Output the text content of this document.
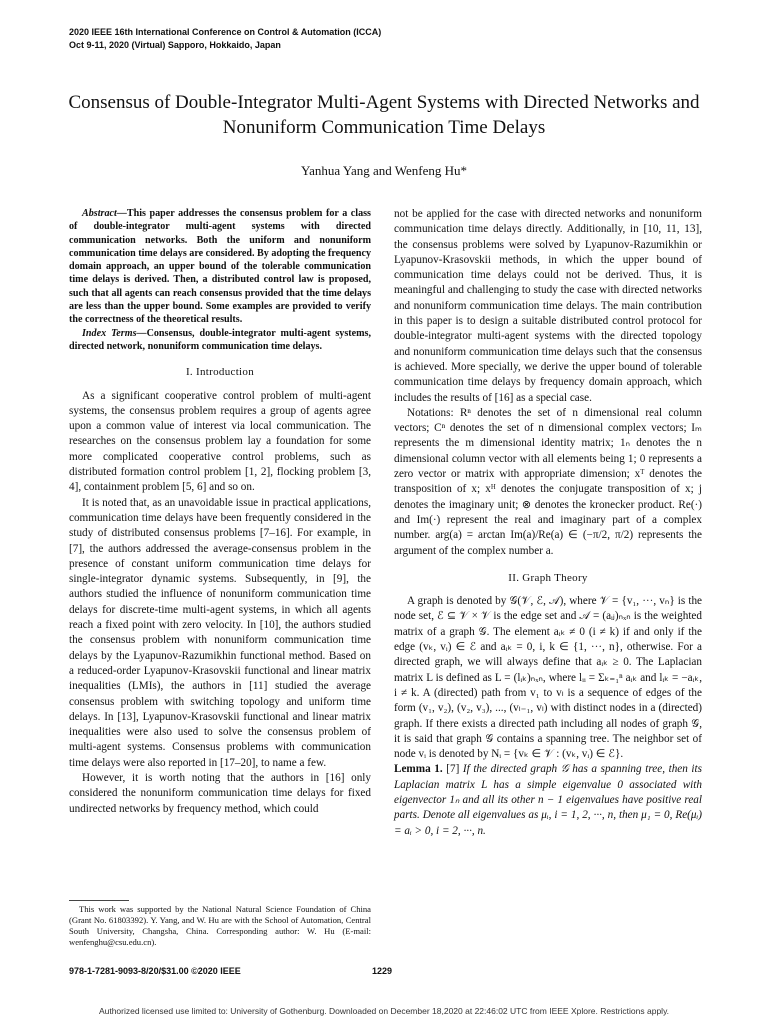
2020 IEEE 16th International Conference on Control & Automation (ICCA)
Oct 9-11, 2020 (Virtual) Sapporo, Hokkaido, Japan
Consensus of Double-Integrator Multi-Agent Systems with Directed Networks and Nonuniform Communication Time Delays
Yanhua Yang and Wenfeng Hu*

Abstract—This paper addresses the consensus problem for a class of double-integrator multi-agent systems with directed communication networks. Both the uniform and nonuniform communication time delays are considered. By adopting the frequency domain approach, an upper bound of the tolerable communication time delays is derived. Then, a distributed control law is proposed, such that all agents can reach consensus provided that the time delays are less than the upper bound. Some examples are provided to verify the correctness of the theoretical results.

Index Terms—Consensus, double-integrator multi-agent systems, directed network, nonuniform communication time delays.

I. Introduction

As a significant cooperative control problem of multi-agent systems, the consensus problem requires a group of agents agree upon a common value of interest via local communication. The researches on the consensus problem lay a foundation for some more complicated cooperative control problems, such as distributed formation control problem [1, 2], flocking problem [3, 4], containment problem [5, 6] and so on.

It is noted that, as an unavoidable issue in practical applications, communication time delays have been frequently considered in the study of distributed consensus problems [7–16]. For example, in [7], the authors addressed the average-consensus problem in the presence of constant uniform communication time delays for single-integrator dynamic systems. Subsequently, in [9], the authors studied the influence of nonuniform communication time delays for discrete-time multi-agent systems, in which all agents reach a fixed point with zero velocity. In [10], the authors studied the consensus problem with nonuniform communication time delays by the Lyapunov-Razumikhin functional method. Based on a reduced-order Lyapunov-Krasovskii functional and linear matrix inequalities (LMIs), the authors in [11] studied the average consensus problem with switching topology and uniform time delays. In [13], Lyapunov-Krasovskii functional and linear matrix inequalities were also used to solve the consensus problem of multi-agent systems. Consensus problems with communication time delays were also reported in [17–20], to name a few.

However, it is worth noting that the authors in [16] only considered the nonuniform communication time delays for fixed undirected networks by frequency method, which could

This work was supported by the National Natural Science Foundation of China (Grant No. 61803392). Y. Yang, and W. Hu are with the School of Automation, Central South University, Changsha, China. Corresponding author: W. Hu (E-mail: wenfenghu@csu.edu.cn).

not be applied for the case with directed networks and nonuniform communication time delays directly. Additionally, in [10, 11, 13], the consensus problems were solved by Lyapunov-Razumikhin or Lyapunov-Krasovskii methods, in which the upper bound of communication time delays could not be derived. Thus, it is meaningful and challenging to study the case with directed networks and nonuniform communication time delays. The main contribution in this paper is to design a suitable distributed control protocol for double-integrator multi-agent systems with the directed topology and nonuniform communication time delays such that the consensus is achieved. More specially, we derive the upper bound of tolerable communication time delays by frequency domain approach, which includes the results of [16] as a special case.

Notations: Rⁿ denotes the set of n dimensional real column vectors; Cⁿ denotes the set of n dimensional complex vectors; Iₘ represents the m dimensional identity matrix; 1ₙ denotes the n dimensional column vector with all elements being 1; 0 represents a zero vector or matrix with appropriate dimension; xᵀ denotes the transposition of x; xᴴ denotes the conjugate transposition of x; j denotes the imaginary unit; ⊗ denotes the kronecker product. Re(·) and Im(·) represent the real and imaginary part of a complex number. arg(a) = arctan Im(a)/Re(a) ∈ (−π/2, π/2) represents the argument of the complex number a.

II. Graph Theory

A graph is denoted by 𝒢(𝒱, ℰ, 𝒜), where 𝒱 = {v₁, ···, vₙ} is the node set, ℰ ⊆ 𝒱 × 𝒱 is the edge set and 𝒜 = (aᵢⱼ)ₙₓₙ is the weighted matrix of a graph 𝒢. The element aᵢₖ ≠ 0 (i ≠ k) if and only if the edge (vₖ, vᵢ) ∈ ℰ and aᵢₖ = 0, i, k ∈ {1, ···, n}, otherwise. For a directed graph, we will always define that aᵢₖ ≥ 0. The Laplacian matrix L is defined as L = (lᵢₖ)ₙₓₙ, where lᵢᵢ = Σₖ₌₁ⁿ aᵢₖ and lᵢₖ = −aᵢₖ, i ≠ k. A (directed) path from v₁ to vₗ is a sequence of edges of the form (v₁, v₂), (v₂, v₃), ..., (vₗ₋₁, vₗ) with distinct nodes in a (directed) graph. If there exists a directed path including all nodes of graph 𝒢, it is said that graph 𝒢 contains a spanning tree. The neighbor set of node vᵢ is denoted by Nᵢ = {vₖ ∈ 𝒱 : (vₖ, vᵢ) ∈ ℰ}.

Lemma 1. [7] If the directed graph 𝒢 has a spanning tree, then its Laplacian matrix L has a simple eigenvalue 0 associated with eigenvector 1ₙ and all its other n − 1 eigenvalues have positive real parts. Denote all eigenvalues as μᵢ, i = 1, 2, ···, n, then μ₁ = 0, Re(μᵢ) = aᵢ > 0, i = 2, ···, n.

978-1-7281-9093-8/20/$31.00 ©2020 IEEE	1229
Authorized licensed use limited to: University of Gothenburg. Downloaded on December 18,2020 at 22:46:02 UTC from IEEE Xplore. Restrictions apply.
